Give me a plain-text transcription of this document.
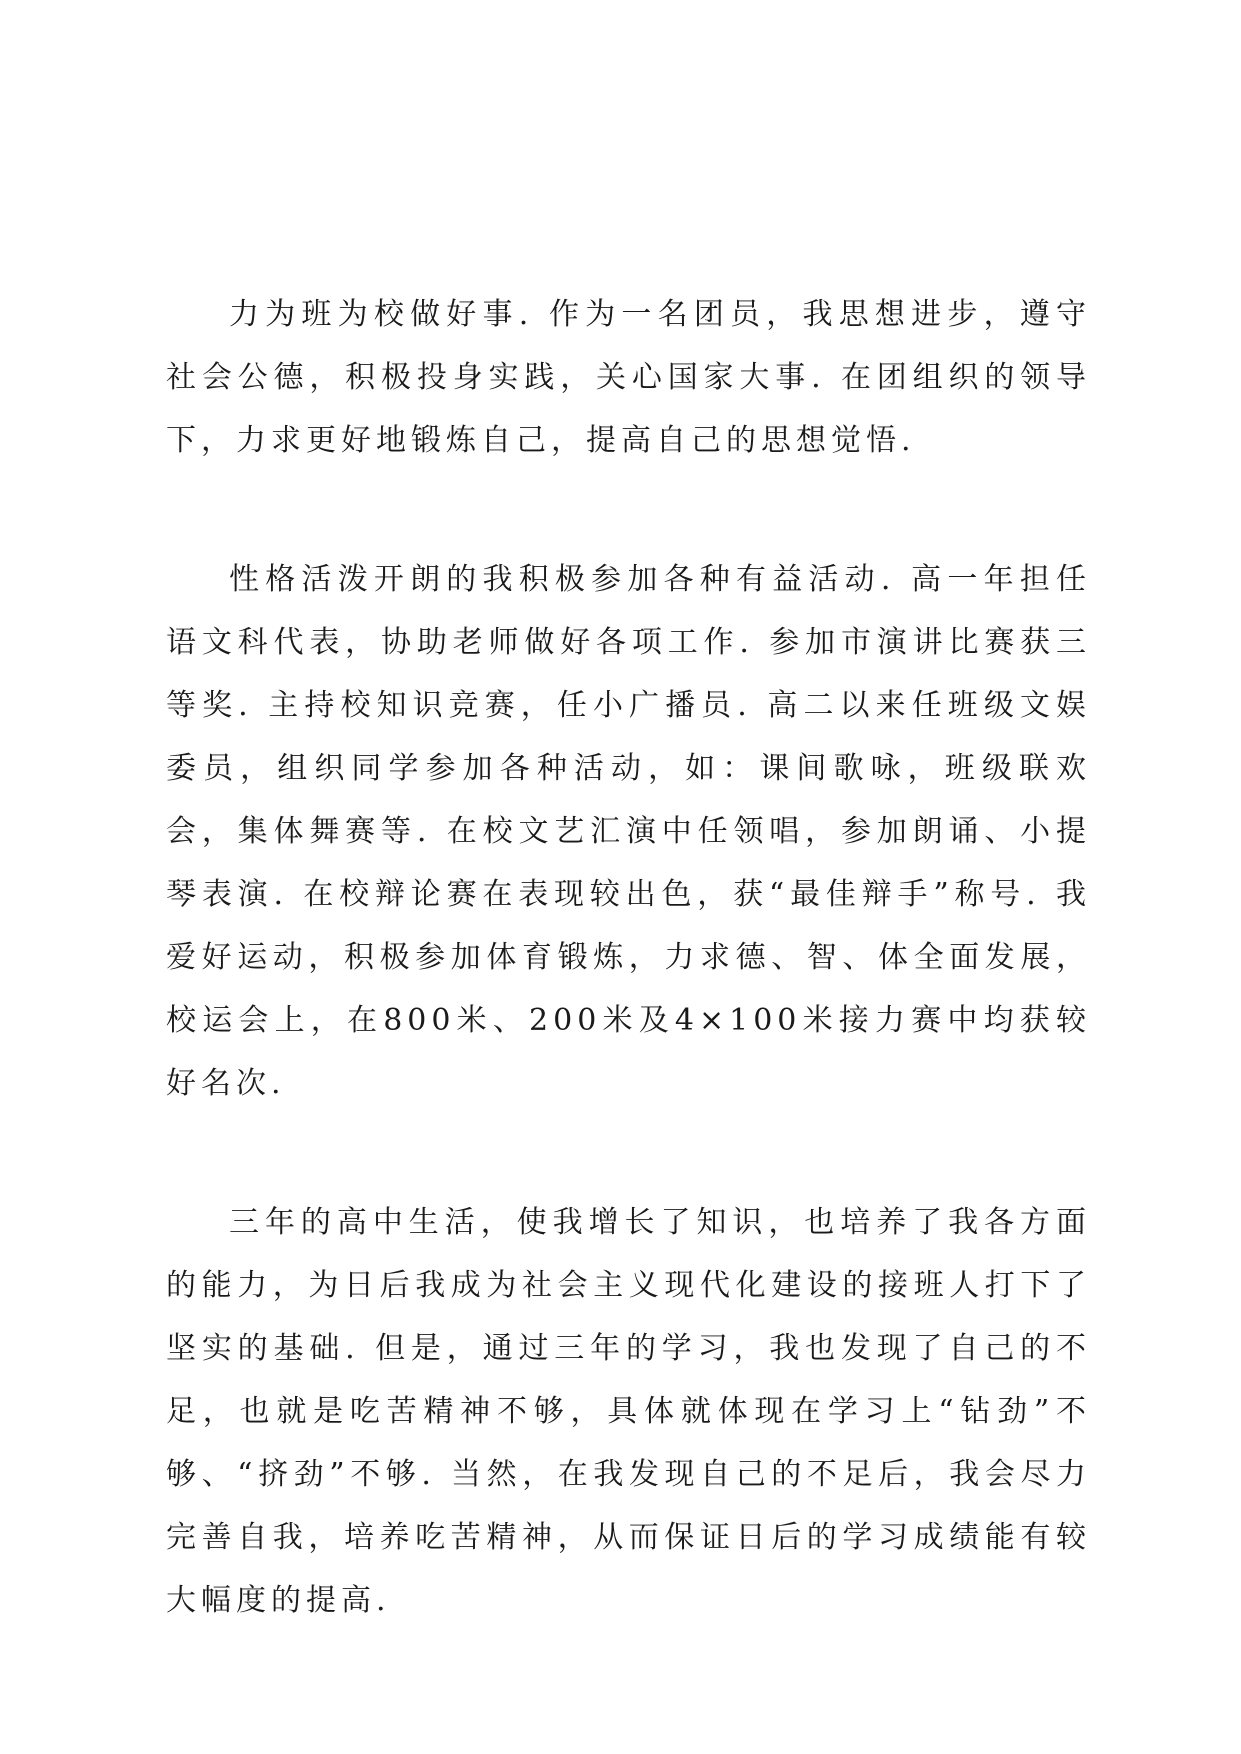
力为班为校做好事. 作为一名团员，我思想进步，遵守社会公德，积极投身实践，关心国家大事. 在团组织的领导下，力求更好地锻炼自己，提高自己的思想觉悟.

性格活泼开朗的我积极参加各种有益活动. 高一年担任语文科代表，协助老师做好各项工作. 参加市演讲比赛获三等奖. 主持校知识竞赛，任小广播员. 高二以来任班级文娱委员，组织同学参加各种活动，如：课间歌咏，班级联欢会，集体舞赛等. 在校文艺汇演中任领唱，参加朗诵、小提琴表演. 在校辩论赛在表现较出色，获“最佳辩手”称号. 我爱好运动，积极参加体育锻炼，力求德、智、体全面发展，校运会上，在800米、200米及4×100米接力赛中均获较好名次.

三年的高中生活，使我增长了知识，也培养了我各方面的能力，为日后我成为社会主义现代化建设的接班人打下了坚实的基础. 但是，通过三年的学习，我也发现了自己的不足，也就是吃苦精神不够，具体就体现在学习上“钻劲”不够、“挤劲”不够. 当然，在我发现自己的不足后，我会尽力完善自我，培养吃苦精神，从而保证日后的学习成绩能有较大幅度的提高.
